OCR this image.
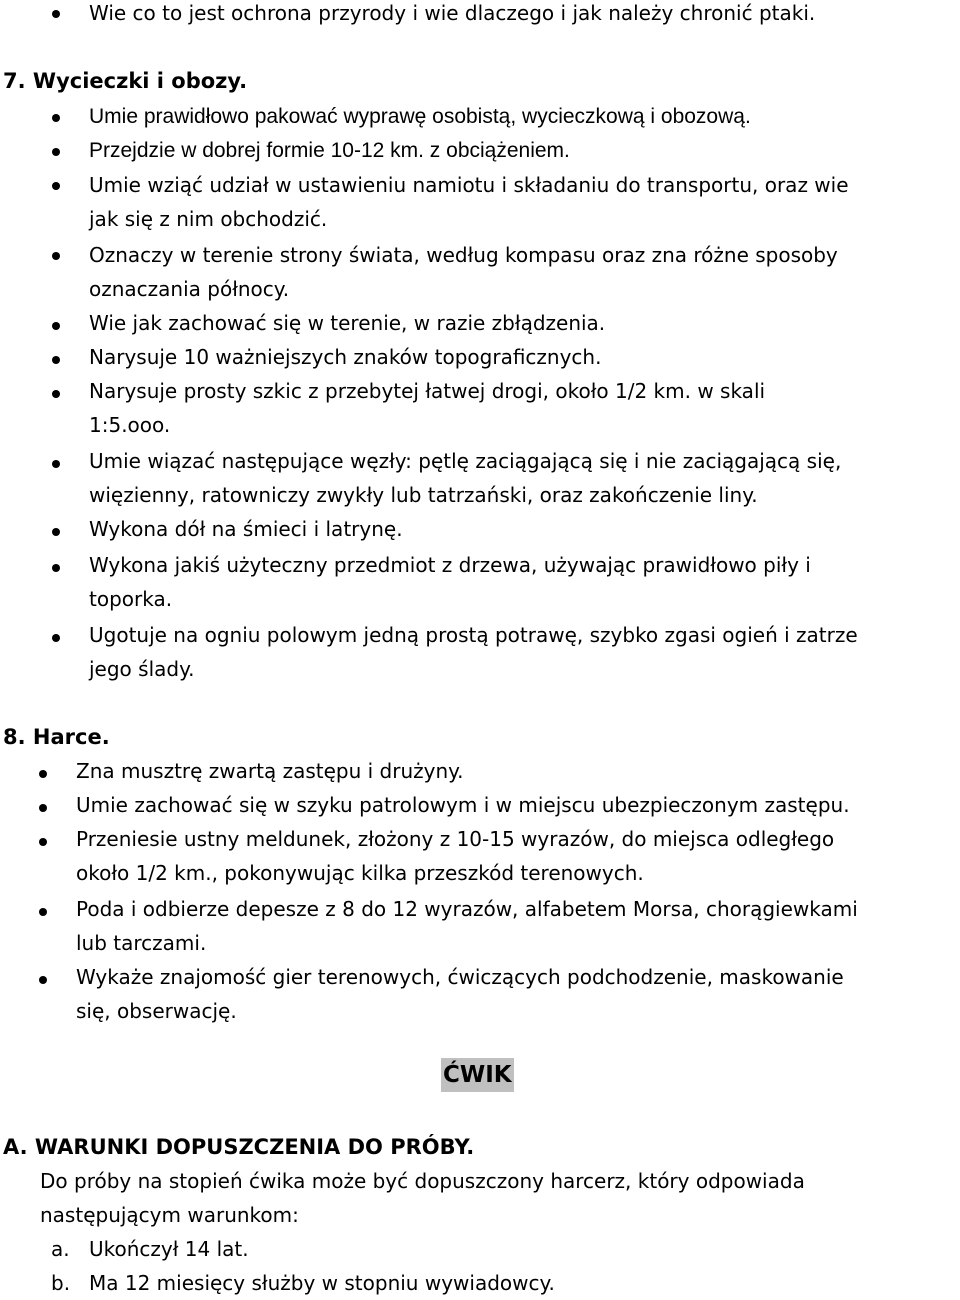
Wie co to jest ochrona przyrody i wie dlaczego i jak należy chronić ptaki.
7. Wycieczki i obozy.
Umie prawidłowo pakować wyprawę osobistą, wycieczkową i obozową.
Przejdzie w dobrej formie 10-12 km. z obciążeniem.
Umie wziąć udział w ustawieniu namiotu i składaniu do transportu, oraz wie
jak się z nim obchodzić.
Oznaczy w terenie strony świata, według kompasu oraz zna różne sposoby
oznaczania północy.
Wie jak zachować się w terenie, w razie zbłądzenia.
Narysuje 10 ważniejszych znaków topograficznych.
Narysuje prosty szkic z przebytej łatwej drogi, około 1/2 km. w skali
1:5.ooo.
Umie wiązać następujące węzły: pętlę zaciągającą się i nie zaciągającą się,
więzienny, ratowniczy zwykły lub tatrzański, oraz zakończenie liny.
Wykona dół na śmieci i latrynę.
Wykona jakiś użyteczny przedmiot z drzewa, używając prawidłowo piły i
toporka.
Ugotuje na ogniu polowym jedną prostą potrawę, szybko zgasi ogień i zatrze
jego ślady.
8. Harce.
Zna musztrę zwartą zastępu i drużyny.
Umie zachować się w szyku patrolowym i w miejscu ubezpieczonym zastępu.
Przeniesie ustny meldunek, złożony z 10-15 wyrazów, do miejsca odległego
około 1/2 km., pokonywując kilka przeszkód terenowych.
Poda i odbierze depesze z 8 do 12 wyrazów, alfabetem Morsa, chorągiewkami
lub tarczami.
Wykaże znajomość gier terenowych, ćwiczących podchodzenie, maskowanie
się, obserwację.
ĆWIK
A. WARUNKI DOPUSZCZENIA DO PRÓBY.
Do próby na stopień ćwika może być dopuszczony harcerz, który odpowiada
następującym warunkom:
a. Ukończył 14 lat.
b. Ma 12 miesięcy służby w stopniu wywiadowcy.
